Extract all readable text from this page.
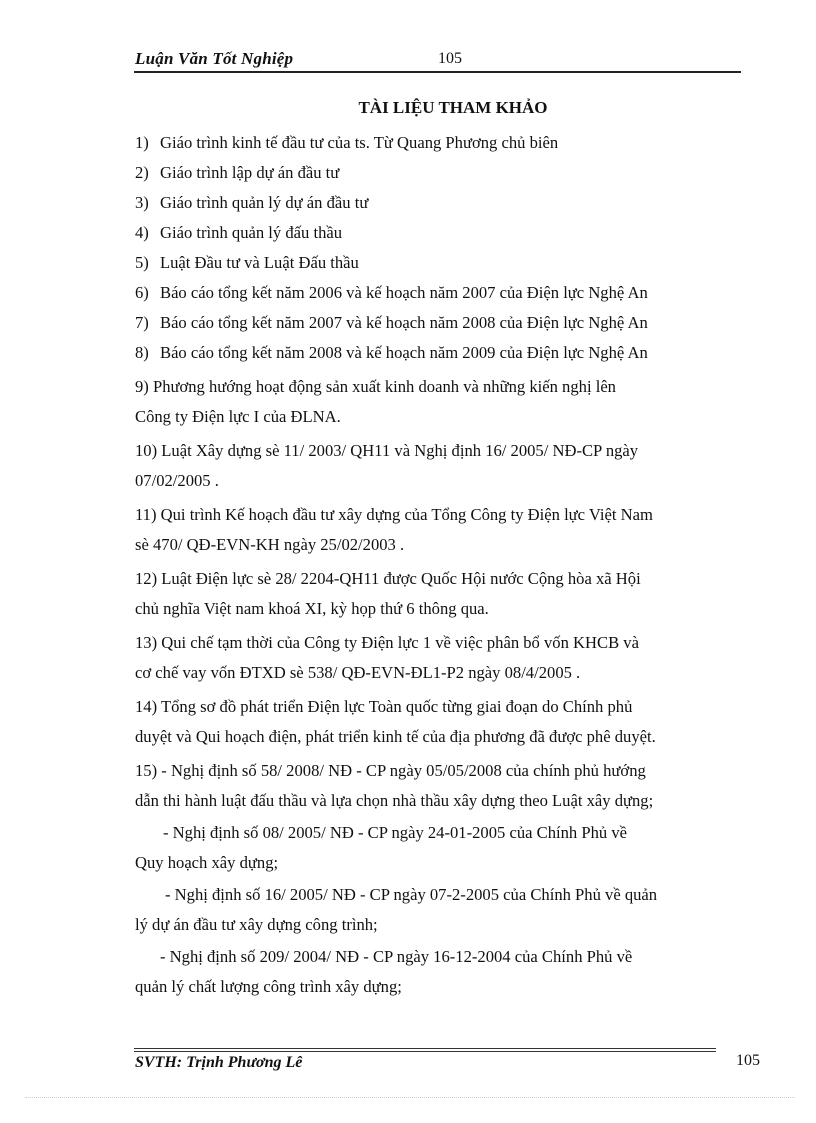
Luận Văn Tốt Nghiệp	105
TÀI LIỆU THAM KHẢO
1) Giáo trình kinh tế đầu tư của ts. Từ Quang Phương chủ biên
2) Giáo trình lập dự án đầu tư
3) Giáo trình quản lý dự án đầu tư
4) Giáo trình quản lý đấu thầu
5) Luật Đầu tư và Luật Đấu thầu
6) Báo cáo tổng kết năm 2006 và kế hoạch năm 2007 của Điện lực Nghệ An
7) Báo cáo tổng kết năm 2007 và kế hoạch năm 2008 của Điện lực Nghệ An
8) Báo cáo tổng kết năm 2008 và kế hoạch năm 2009 của Điện lực Nghệ An
9) Phương hướng hoạt động sản xuất kinh doanh và những kiến nghị lên
Công ty Điện lực I của ĐLNA.
10) Luật Xây dựng sè 11/ 2003/ QH11 và Nghị định 16/ 2005/ NĐ-CP ngày
07/02/2005 .
11) Qui trình Kế hoạch đầu tư xây dựng của Tổng Công ty Điện lực Việt Nam
sè 470/ QĐ-EVN-KH ngày 25/02/2003 .
12) Luật Điện lực sè 28/ 2204-QH11 được Quốc Hội nước Cộng hòa xã Hội
chủ nghĩa Việt nam khoá XI, kỳ họp thứ 6 thông qua.
13) Qui chế tạm thời của Công ty Điện lực 1 về việc phân bổ vốn KHCB và
cơ chế vay vốn ĐTXD sè 538/ QĐ-EVN-ĐL1-P2 ngày 08/4/2005 .
14) Tổng sơ đồ phát triển Điện lực Toàn quốc từng giai đoạn do Chính phủ
duyệt và Qui hoạch điện, phát triển kinh tế của địa phương đã được phê duyệt.
15) - Nghị định số 58/ 2008/ NĐ - CP ngày 05/05/2008 của chính phủ hướng
dẫn thi hành luật đấu thầu và lựa chọn nhà thầu xây dựng theo Luật xây dựng;
- Nghị định số 08/ 2005/ NĐ - CP ngày 24-01-2005 của Chính Phủ về
Quy hoạch xây dựng;
- Nghị định số 16/ 2005/ NĐ - CP ngày 07-2-2005 của Chính Phủ về quản
lý dự án đầu tư xây dựng công trình;
- Nghị định số 209/ 2004/ NĐ - CP ngày 16-12-2004 của Chính Phủ về
quản lý chất lượng công trình xây dựng;
SVTH: Trịnh Phương Lê	105
